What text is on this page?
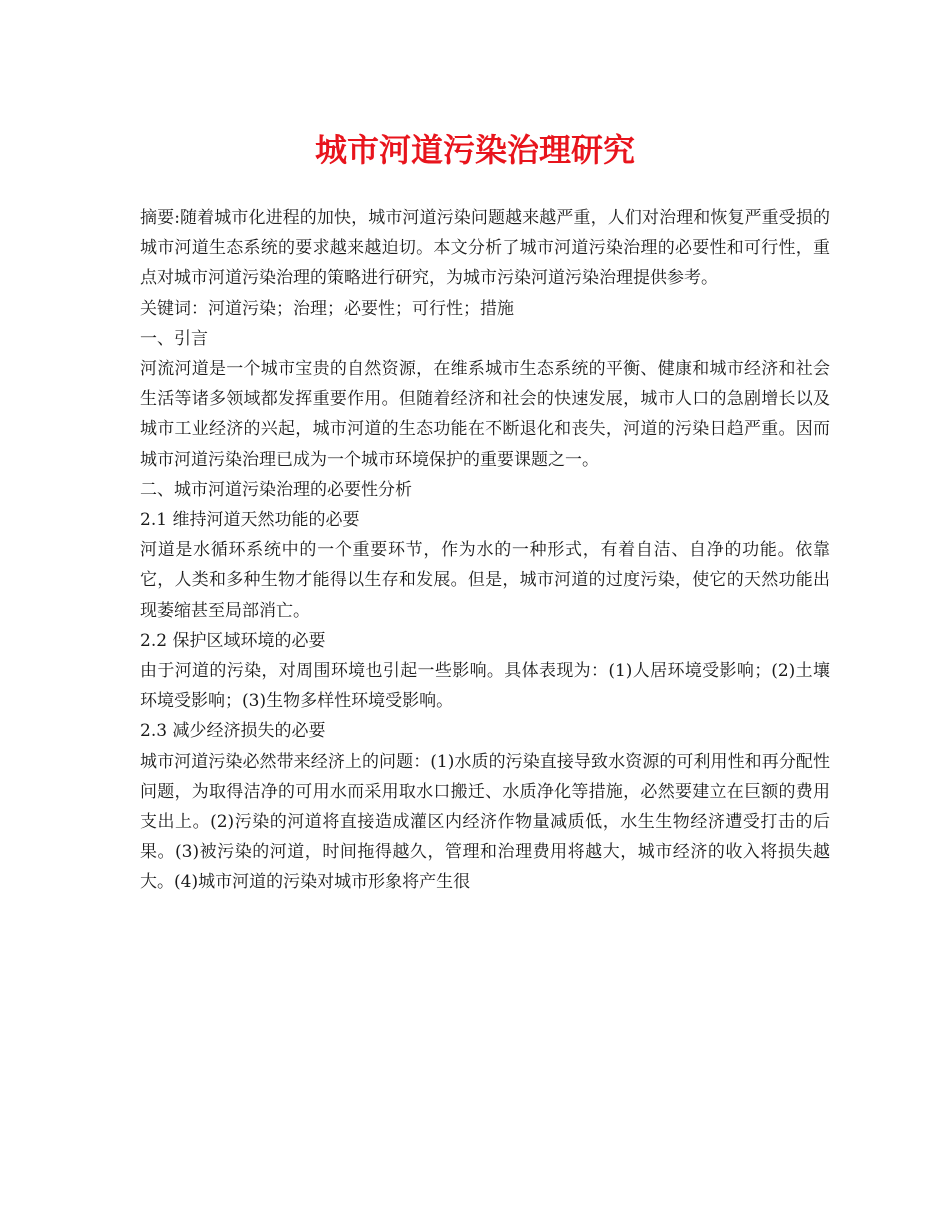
城市河道污染治理研究

摘要:随着城市化进程的加快，城市河道污染问题越来越严重，人们对治理和恢复严重受损的城市河道生态系统的要求越来越迫切。本文分析了城市河道污染治理的必要性和可行性，重点对城市河道污染治理的策略进行研究，为城市污染河道污染治理提供参考。

关键词：河道污染；治理；必要性；可行性；措施

一、引言

河流河道是一个城市宝贵的自然资源，在维系城市生态系统的平衡、健康和城市经济和社会生活等诸多领域都发挥重要作用。但随着经济和社会的快速发展，城市人口的急剧增长以及城市工业经济的兴起，城市河道的生态功能在不断退化和丧失，河道的污染日趋严重。因而城市河道污染治理已成为一个城市环境保护的重要课题之一。

二、城市河道污染治理的必要性分析

2.1 维持河道天然功能的必要

河道是水循环系统中的一个重要环节，作为水的一种形式，有着自洁、自净的功能。依靠它，人类和多种生物才能得以生存和发展。但是，城市河道的过度污染，使它的天然功能出现萎缩甚至局部消亡。

2.2 保护区域环境的必要

由于河道的污染，对周围环境也引起一些影响。具体表现为：(1)人居环境受影响；(2)土壤环境受影响；(3)生物多样性环境受影响。

2.3 减少经济损失的必要

城市河道污染必然带来经济上的问题：(1)水质的污染直接导致水资源的可利用性和再分配性问题，为取得洁净的可用水而采用取水口搬迁、水质净化等措施，必然要建立在巨额的费用支出上。(2)污染的河道将直接造成灌区内经济作物量减质低，水生生物经济遭受打击的后果。(3)被污染的河道，时间拖得越久，管理和治理费用将越大，城市经济的收入将损失越大。(4)城市河道的污染对城市形象将产生很
